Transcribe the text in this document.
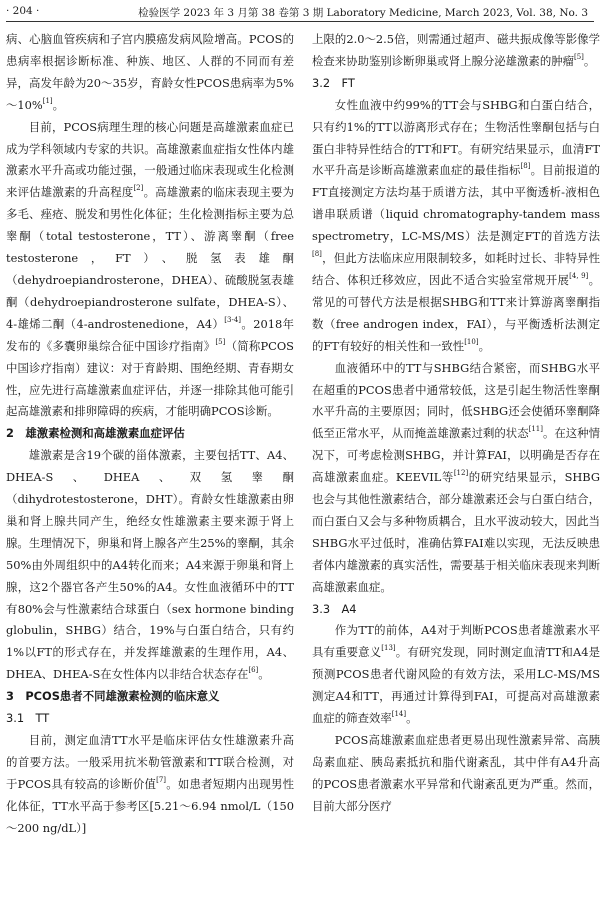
· 204 ·	检验医学 2023 年 3 月第 38 卷第 3 期 Laboratory Medicine, March 2023, Vol. 38, No. 3

病、心脑血管疾病和子宫内膜癌发病风险增高。PCOS的患病率根据诊断标准、种族、地区、人群的不同而有差异，高发年龄为20～35岁，育龄女性PCOS患病率为5%～10%[1]。

目前，PCOS病理生理的核心问题是高雄激素血症已成为学科领域内专家的共识。高雄激素血症指女性体内雄激素水平升高或功能过强，一般通过临床表现或生化检测来评估雄激素的升高程度[2]。高雄激素的临床表现主要为多毛、痤疮、脱发和男性化体征；生化检测指标主要为总睾酮（total testosterone，TT）、游离睾酮（free testosterone，FT）、脱氢表雄酮（dehydroepiandrosterone，DHEA）、硫酸脱氢表雄酮（dehydroepiandrosterone sulfate，DHEA-S）、4-雄烯二酮（4-androstenedione，A4）[3-4]。2018年发布的《多囊卵巢综合征中国诊疗指南》[5]（简称PCOS中国诊疗指南）建议：对于育龄期、围绝经期、青春期女性，应先进行高雄激素血症评估，并逐一排除其他可能引起高雄激素和排卵障碍的疾病，才能明确PCOS诊断。

2　雄激素检测和高雄激素血症评估

雄激素是含19个碳的甾体激素，主要包括TT、A4、DHEA-S、DHEA、双氢睾酮（dihydrotestosterone，DHT）。育龄女性雄激素由卵巢和肾上腺共同产生，绝经女性雄激素主要来源于肾上腺。生理情况下，卵巢和肾上腺各产生25%的睾酮，其余50%由外周组织中的A4转化而来；A4来源于卵巢和肾上腺，这2个器官各产生50%的A4。女性血液循环中的TT有80%会与性激素结合球蛋白（sex hormone binding globulin，SHBG）结合，19%与白蛋白结合，只有约1%以FT的形式存在，并发挥雄激素的生理作用，A4、DHEA、DHEA-S在女性体内以非结合状态存在[6]。

3　PCOS患者不同雄激素检测的临床意义

3.1　TT

目前，测定血清TT水平是临床评估女性雄激素升高的首要方法。一般采用抗米勒管激素和TT联合检测，对于PCOS具有较高的诊断价值[7]。如患者短期内出现男性化体征，TT水平高于参考区[5.21～6.94 nmol/L（150～200 ng/dL）]

上限的2.0～2.5倍，则需通过超声、磁共振成像等影像学检查来协助鉴别诊断卵巢或肾上腺分泌雄激素的肿瘤[5]。

3.2　FT

女性血液中约99%的TT会与SHBG和白蛋白结合，只有约1%的TT以游离形式存在；生物活性睾酮包括与白蛋白非特异性结合的TT和FT。有研究结果显示，血清FT水平升高是诊断高雄激素血症的最佳指标[8]。目前报道的FT直接测定方法均基于质谱方法，其中平衡透析-液相色谱串联质谱（liquid chromatography-tandem mass spectrometry，LC-MS/MS）法是测定FT的首选方法[8]，但此方法临床应用限制较多，如耗时过长、非特异性结合、体积迁移效应，因此不适合实验室常规开展[4, 9]。常见的可替代方法是根据SHBG和TT来计算游离睾酮指数（free androgen index，FAI），与平衡透析法测定的FT有较好的相关性和一致性[10]。

血液循环中的TT与SHBG结合紧密，而SHBG水平在超重的PCOS患者中通常较低，这是引起生物活性睾酮水平升高的主要原因；同时，低SHBG还会使循环睾酮降低至正常水平，从而掩盖雄激素过剩的状态[11]。在这种情况下，可考虑检测SHBG，并计算FAI，以明确是否存在高雄激素血症。KEEVIL等[12]的研究结果显示，SHBG也会与其他性激素结合，部分雄激素还会与白蛋白结合，而白蛋白又会与多种物质耦合，且水平波动较大，因此当SHBG水平过低时，准确估算FAI难以实现，无法反映患者体内雄激素的真实活性，需要基于相关临床表现来判断高雄激素血症。

3.3　A4

作为TT的前体，A4对于判断PCOS患者雄激素水平具有重要意义[13]。有研究发现，同时测定血清TT和A4是预测PCOS患者代谢风险的有效方法，采用LC-MS/MS测定A4和TT，再通过计算得到FAI，可提高对高雄激素血症的筛查效率[14]。

PCOS高雄激素血症患者更易出现性激素异常、高胰岛素血症、胰岛素抵抗和脂代谢紊乱，其中伴有A4升高的PCOS患者激素水平异常和代谢紊乱更为严重。然而，目前大部分医疗
